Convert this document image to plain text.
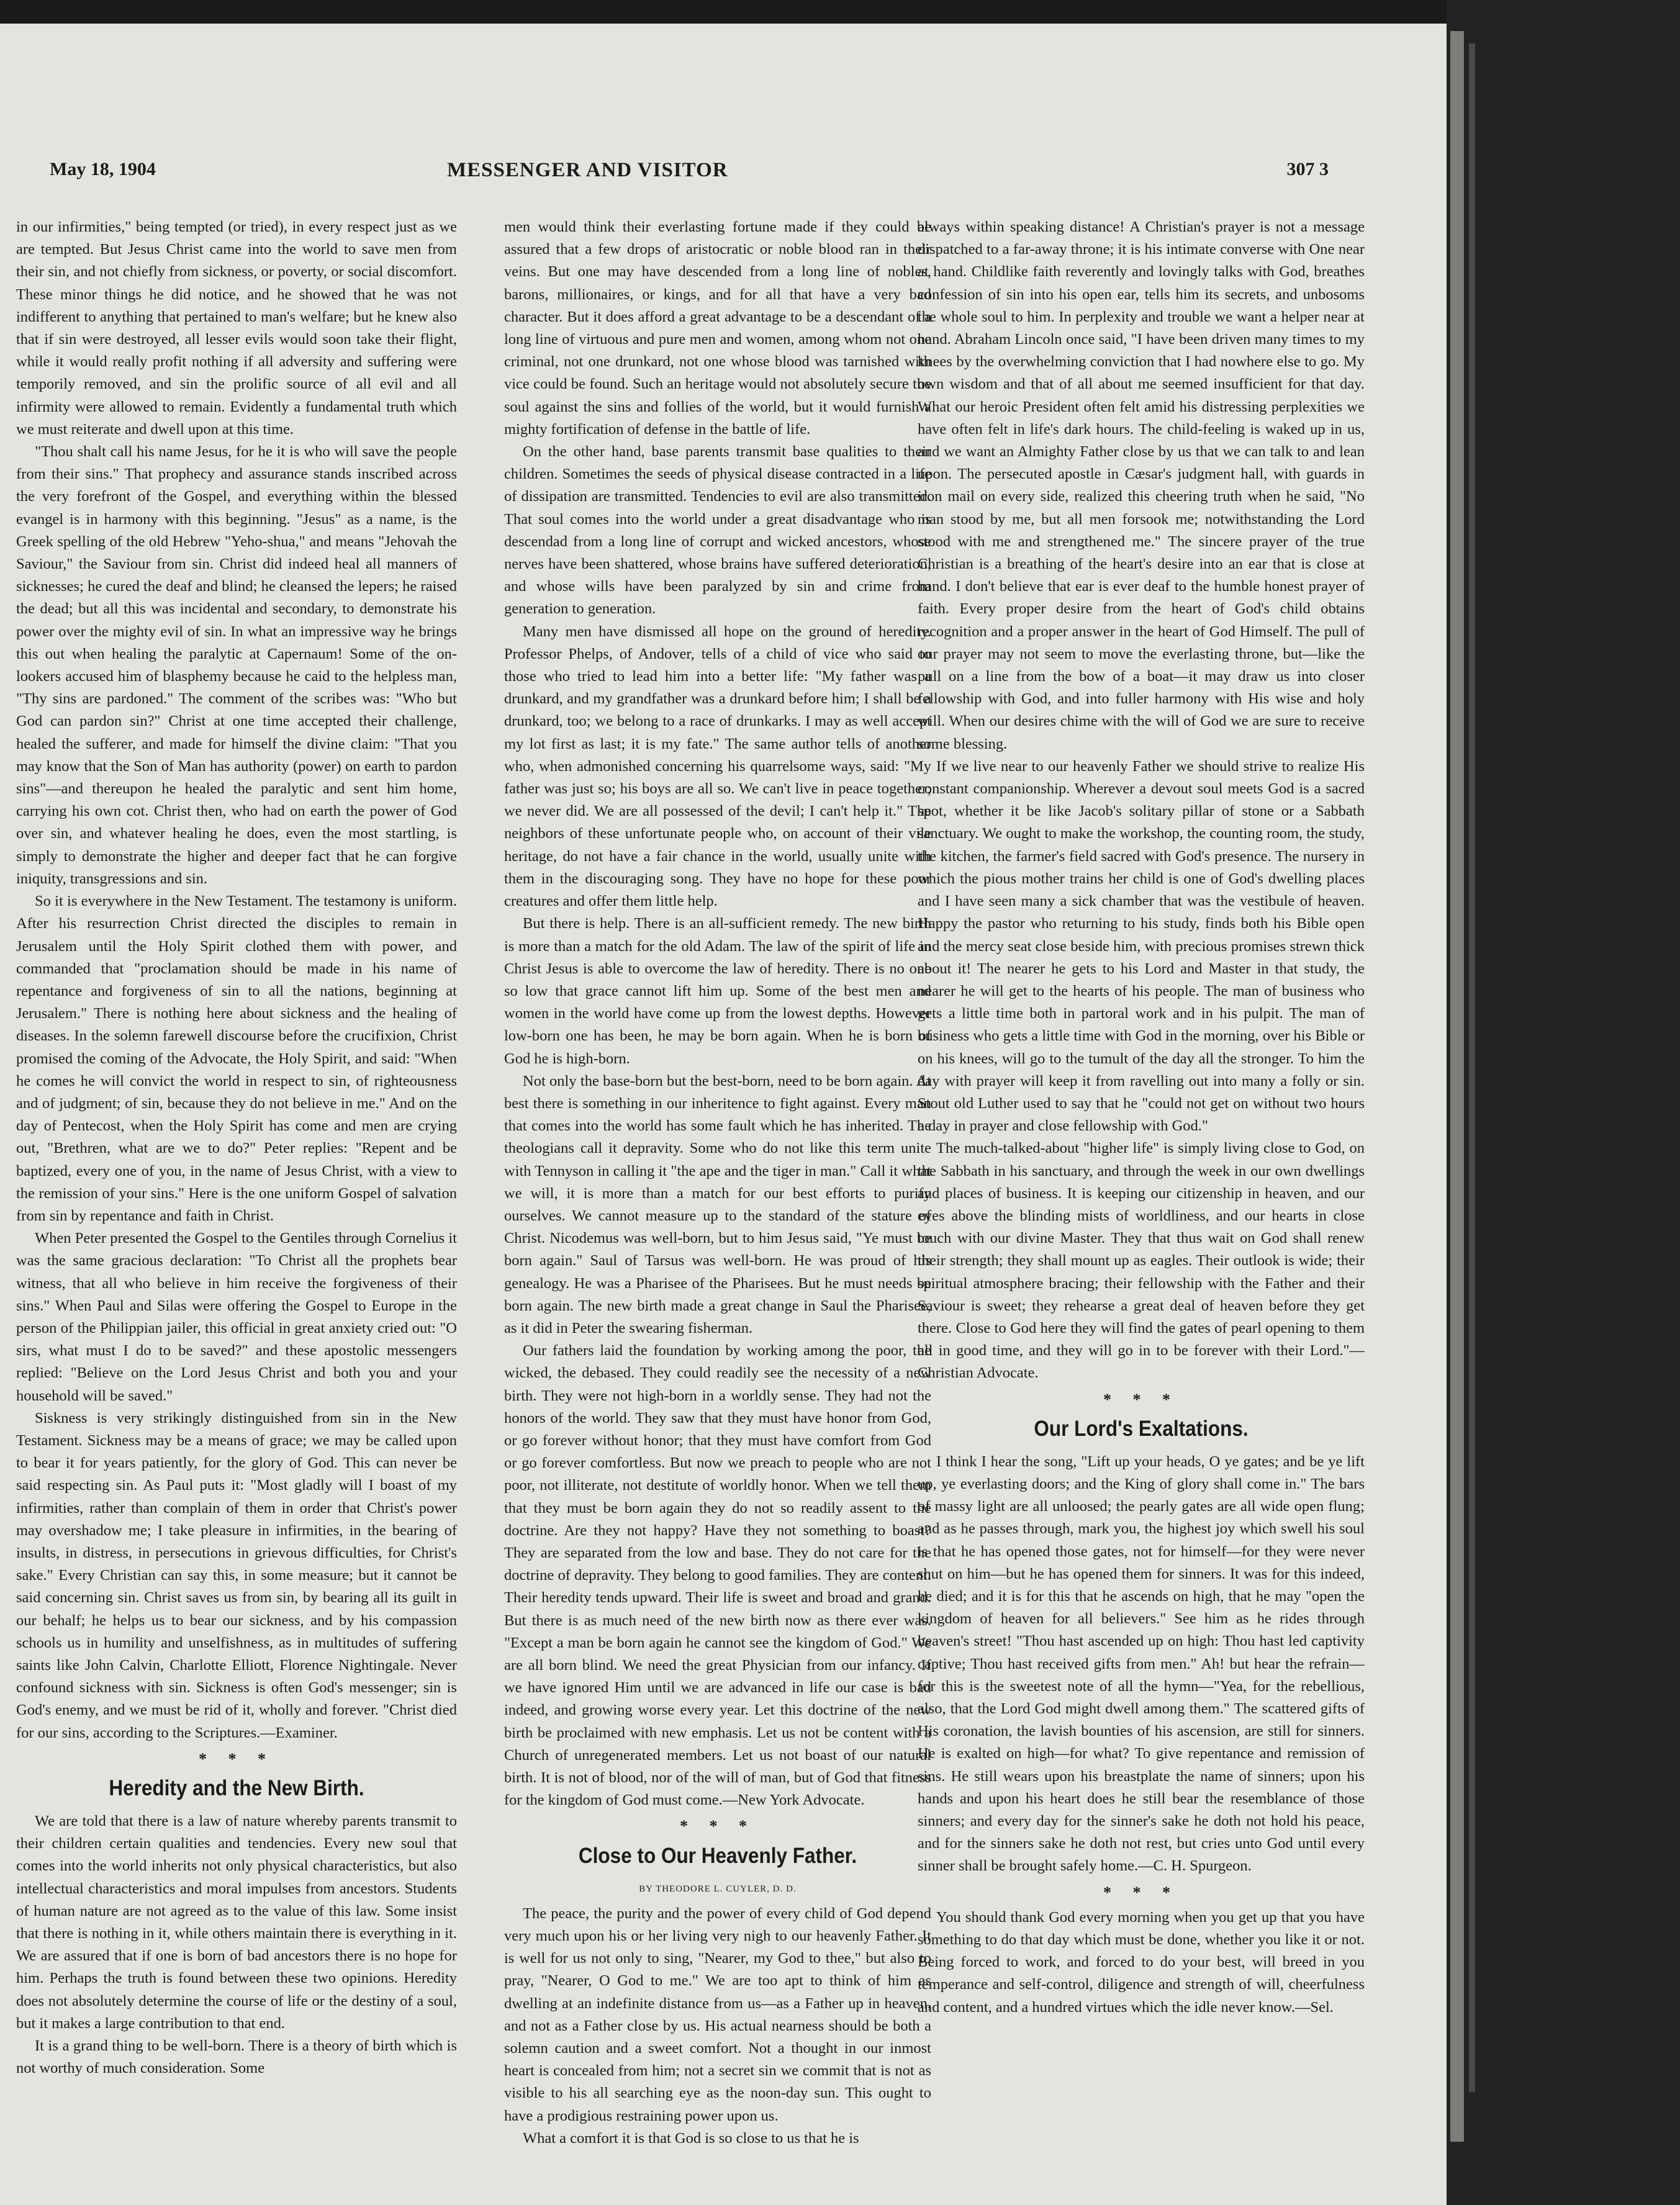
May 18, 1904	MESSENGER AND VISITOR	307 3

in our infirmities," being tempted (or tried), in every respect just as we are tempted. But Jesus Christ came into the world to save men from their sin, and not chiefly from sickness, or poverty, or social discomfort. These minor things he did notice, and he showed that he was not indifferent to anything that pertained to man's welfare; but he knew also that if sin were destroyed, all lesser evils would soon take their flight, while it would really profit nothing if all adversity and suffering were temporily removed, and sin the prolific source of all evil and all infirmity were allowed to remain. Evidently a fundamental truth which we must reiterate and dwell upon at this time.

"Thou shalt call his name Jesus, for he it is who will save the people from their sins." That prophecy and assurance stands inscribed across the very forefront of the Gospel, and everything within the blessed evangel is in harmony with this beginning. "Jesus" as a name, is the Greek spelling of the old Hebrew "Yeho-shua," and means "Jehovah the Saviour," the Saviour from sin. Christ did indeed heal all manners of sicknesses; he cured the deaf and blind; he cleansed the lepers; he raised the dead; but all this was incidental and secondary, to demonstrate his power over the mighty evil of sin. In what an impressive way he brings this out when healing the paralytic at Capernaum! Some of the on-lookers accused him of blasphemy because he caid to the helpless man, "Thy sins are pardoned." The comment of the scribes was: "Who but God can pardon sin?" Christ at one time accepted their challenge, healed the sufferer, and made for himself the divine claim: "That you may know that the Son of Man has authority (power) on earth to pardon sins"—and thereupon he healed the paralytic and sent him home, carrying his own cot. Christ then, who had on earth the power of God over sin, and whatever healing he does, even the most startling, is simply to demonstrate the higher and deeper fact that he can forgive iniquity, transgressions and sin.

So it is everywhere in the New Testament. The testamony is uniform. After his resurrection Christ directed the disciples to remain in Jerusalem until the Holy Spirit clothed them with power, and commanded that "proclamation should be made in his name of repentance and forgiveness of sin to all the nations, beginning at Jerusalem." There is nothing here about sickness and the healing of diseases. In the solemn farewell discourse before the crucifixion, Christ promised the coming of the Advocate, the Holy Spirit, and said: "When he comes he will convict the world in respect to sin, of righteousness and of judgment; of sin, because they do not believe in me." And on the day of Pentecost, when the Holy Spirit has come and men are crying out, "Brethren, what are we to do?" Peter replies: "Repent and be baptized, every one of you, in the name of Jesus Christ, with a view to the remission of your sins." Here is the one uniform Gospel of salvation from sin by repentance and faith in Christ.

When Peter presented the Gospel to the Gentiles through Cornelius it was the same gracious declaration: "To Christ all the prophets bear witness, that all who believe in him receive the forgiveness of their sins." When Paul and Silas were offering the Gospel to Europe in the person of the Philippian jailer, this official in great anxiety cried out: "O sirs, what must I do to be saved?" and these apostolic messengers replied: "Believe on the Lord Jesus Christ and both you and your household will be saved."

Siskness is very strikingly distinguished from sin in the New Testament. Sickness may be a means of grace; we may be called upon to bear it for years patiently, for the glory of God. This can never be said respecting sin. As Paul puts it: "Most gladly will I boast of my infirmities, rather than complain of them in order that Christ's power may overshadow me; I take pleasure in infirmities, in the bearing of insults, in distress, in persecutions in grievous difficulties, for Christ's sake." Every Christian can say this, in some measure; but it cannot be said concerning sin. Christ saves us from sin, by bearing all its guilt in our behalf; he helps us to bear our sickness, and by his compassion schools us in humility and unselfishness, as in multitudes of suffering saints like John Calvin, Charlotte Elliott, Florence Nightingale. Never confound sickness with sin. Sickness is often God's messenger; sin is God's enemy, and we must be rid of it, wholly and forever. "Christ died for our sins, according to the Scriptures.—Examiner.

* * *
Heredity and the New Birth.

We are told that there is a law of nature whereby parents transmit to their children certain qualities and tendencies. Every new soul that comes into the world inherits not only physical characteristics, but also intellectual characteristics and moral impulses from ancestors. Students of human nature are not agreed as to the value of this law. Some insist that there is nothing in it, while others maintain there is everything in it. We are assured that if one is born of bad ancestors there is no hope for him. Perhaps the truth is found between these two opinions. Heredity does not absolutely determine the course of life or the destiny of a soul, but it makes a large contribution to that end.

It is a grand thing to be well-born. There is a theory of birth which is not worthy of much consideration. Some

men would think their everlasting fortune made if they could be assured that a few drops of aristocratic or noble blood ran in their veins. But one may have descended from a long line of nobles, barons, millionaires, or kings, and for all that have a very bad character. But it does afford a great advantage to be a descendant of a long line of virtuous and pure men and women, among whom not one criminal, not one drunkard, not one whose blood was tarnished with vice could be found. Such an heritage would not absolutely secure the soul against the sins and follies of the world, but it would furnish a mighty fortification of defense in the battle of life.

On the other hand, base parents transmit base qualities to their children. Sometimes the seeds of physical disease contracted in a life of dissipation are transmitted. Tendencies to evil are also transmitted. That soul comes into the world under a great disadvantage who is descendad from a long line of corrupt and wicked ancestors, whose nerves have been shattered, whose brains have suffered deterioration, and whose wills have been paralyzed by sin and crime from generation to generation.

Many men have dismissed all hope on the ground of heredity. Professor Phelps, of Andover, tells of a child of vice who said to those who tried to lead him into a better life: "My father was a drunkard, and my grandfather was a drunkard before him; I shall be a drunkard, too; we belong to a race of drunkarks. I may as well accept my lot first as last; it is my fate." The same author tells of another who, when admonished concerning his quarrelsome ways, said: "My father was just so; his boys are all so. We can't live in peace together; we never did. We are all possessed of the devil; I can't help it." The neighbors of these unfortunate people who, on account of their vile heritage, do not have a fair chance in the world, usually unite with them in the discouraging song. They have no hope for these poor creatures and offer them little help.

But there is help. There is an all-sufficient remedy. The new birth is more than a match for the old Adam. The law of the spirit of life in Christ Jesus is able to overcome the law of heredity. There is no one so low that grace cannot lift him up. Some of the best men and women in the world have come up from the lowest depths. However low-born one has been, he may be born again. When he is born of God he is high-born.

Not only the base-born but the best-born, need to be born again. At best there is something in our inheritence to fight against. Every man that comes into the world has some fault which he has inherited. The theologians call it depravity. Some who do not like this term unite with Tennyson in calling it "the ape and the tiger in man." Call it what we will, it is more than a match for our best efforts to purify ourselves. We cannot measure up to the standard of the stature of Christ. Nicodemus was well-born, but to him Jesus said, "Ye must be born again." Saul of Tarsus was well-born. He was proud of his genealogy. He was a Pharisee of the Pharisees. But he must needs be born again. The new birth made a great change in Saul the Pharisee, as it did in Peter the swearing fisherman.

Our fathers laid the foundation by working among the poor, the wicked, the debased. They could readily see the necessity of a new birth. They were not high-born in a worldly sense. They had not the honors of the world. They saw that they must have honor from God, or go forever without honor; that they must have comfort from God or go forever comfortless. But now we preach to people who are not poor, not illiterate, not destitute of worldly honor. When we tell them that they must be born again they do not so readily assent to the doctrine. Are they not happy? Have they not something to boast? They are separated from the low and base. They do not care for the doctrine of depravity. They belong to good families. They are content. Their heredity tends upward. Their life is sweet and broad and grand. But there is as much need of the new birth now as there ever was. "Except a man be born again he cannot see the kingdom of God." We are all born blind. We need the great Physician from our infancy. If we have ignored Him until we are advanced in life our case is bad indeed, and growing worse every year. Let this doctrine of the new birth be proclaimed with new emphasis. Let us not be content with a Church of unregenerated members. Let us not boast of our natural birth. It is not of blood, nor of the will of man, but of God that fitness for the kingdom of God must come.—New York Advocate.

* * *
Close to Our Heavenly Father.
BY THEODORE L. CUYLER, D. D.

The peace, the purity and the power of every child of God depend very much upon his or her living very nigh to our heavenly Father. It is well for us not only to sing, "Nearer, my God to thee," but also to pray, "Nearer, O God to me." We are too apt to think of him as dwelling at an indefinite distance from us—as a Father up in heaven, and not as a Father close by us. His actual nearness should be both a solemn caution and a sweet comfort. Not a thought in our inmost heart is concealed from him; not a secret sin we commit that is not as visible to his all searching eye as the noon-day sun. This ought to have a prodigious restraining power upon us.

What a comfort it is that God is so close to us that he is

always within speaking distance! A Christian's prayer is not a message dispatched to a far-away throne; it is his intimate converse with One near at hand. Childlike faith reverently and lovingly talks with God, breathes confession of sin into his open ear, tells him its secrets, and unbosoms the whole soul to him. In perplexity and trouble we want a helper near at hand. Abraham Lincoln once said, "I have been driven many times to my knees by the overwhelming conviction that I had nowhere else to go. My own wisdom and that of all about me seemed insufficient for that day. What our heroic President often felt amid his distressing perplexities we have often felt in life's dark hours. The child-feeling is waked up in us, and we want an Almighty Father close by us that we can talk to and lean upon. The persecuted apostle in Cæsar's judgment hall, with guards in iron mail on every side, realized this cheering truth when he said, "No man stood by me, but all men forsook me; notwithstanding the Lord stood with me and strengthened me." The sincere prayer of the true Christian is a breathing of the heart's desire into an ear that is close at hand. I don't believe that ear is ever deaf to the humble honest prayer of faith. Every proper desire from the heart of God's child obtains recognition and a proper answer in the heart of God Himself. The pull of our prayer may not seem to move the everlasting throne, but—like the pull on a line from the bow of a boat—it may draw us into closer fellowship with God, and into fuller harmony with His wise and holy will. When our desires chime with the will of God we are sure to receive some blessing.

If we live near to our heavenly Father we should strive to realize His constant companionship. Wherever a devout soul meets God is a sacred spot, whether it be like Jacob's solitary pillar of stone or a Sabbath sanctuary. We ought to make the workshop, the counting room, the study, the kitchen, the farmer's field sacred with God's presence. The nursery in which the pious mother trains her child is one of God's dwelling places and I have seen many a sick chamber that was the vestibule of heaven. Happy the pastor who returning to his study, finds both his Bible open and the mercy seat close beside him, with precious promises strewn thick about it! The nearer he gets to his Lord and Master in that study, the nearer he will get to the hearts of his people. The man of business who gets a little time both in partoral work and in his pulpit. The man of business who gets a little time with God in the morning, over his Bible or on his knees, will go to the tumult of the day all the stronger. To him the day with prayer will keep it from ravelling out into many a folly or sin. Stout old Luther used to say that he "could not get on without two hours a day in prayer and close fellowship with God."

The much-talked-about "higher life" is simply living close to God, on the Sabbath in his sanctuary, and through the week in our own dwellings and places of business. It is keeping our citizenship in heaven, and our eyes above the blinding mists of worldliness, and our hearts in close touch with our divine Master. They that thus wait on God shall renew their strength; they shall mount up as eagles. Their outlook is wide; their spiritual atmosphere bracing; their fellowship with the Father and their Saviour is sweet; they rehearse a great deal of heaven before they get there. Close to God here they will find the gates of pearl opening to them all in good time, and they will go in to be forever with their Lord."—Christian Advocate.

* * *
Our Lord's Exaltations.

I think I hear the song, "Lift up your heads, O ye gates; and be ye lift up, ye everlasting doors; and the King of glory shall come in." The bars of massy light are all unloosed; the pearly gates are all wide open flung; and as he passes through, mark you, the highest joy which swell his soul is that he has opened those gates, not for himself—for they were never shut on him—but he has opened them for sinners. It was for this indeed, he died; and it is for this that he ascends on high, that he may "open the kingdom of heaven for all believers." See him as he rides through heaven's street! "Thou hast ascended up on high: Thou hast led captivity captive; Thou hast received gifts from men." Ah! but hear the refrain—for this is the sweetest note of all the hymn—"Yea, for the rebellious, also, that the Lord God might dwell among them." The scattered gifts of His coronation, the lavish bounties of his ascension, are still for sinners. He is exalted on high—for what? To give repentance and remission of sins. He still wears upon his breastplate the name of sinners; upon his hands and upon his heart does he still bear the resemblance of those sinners; and every day for the sinner's sake he doth not hold his peace, and for the sinners sake he doth not rest, but cries unto God until every sinner shall be brought safely home.—C. H. Spurgeon.

* * *

You should thank God every morning when you get up that you have something to do that day which must be done, whether you like it or not. Being forced to work, and forced to do your best, will breed in you temperance and self-control, diligence and strength of will, cheerfulness and content, and a hundred virtues which the idle never know.—Sel.
